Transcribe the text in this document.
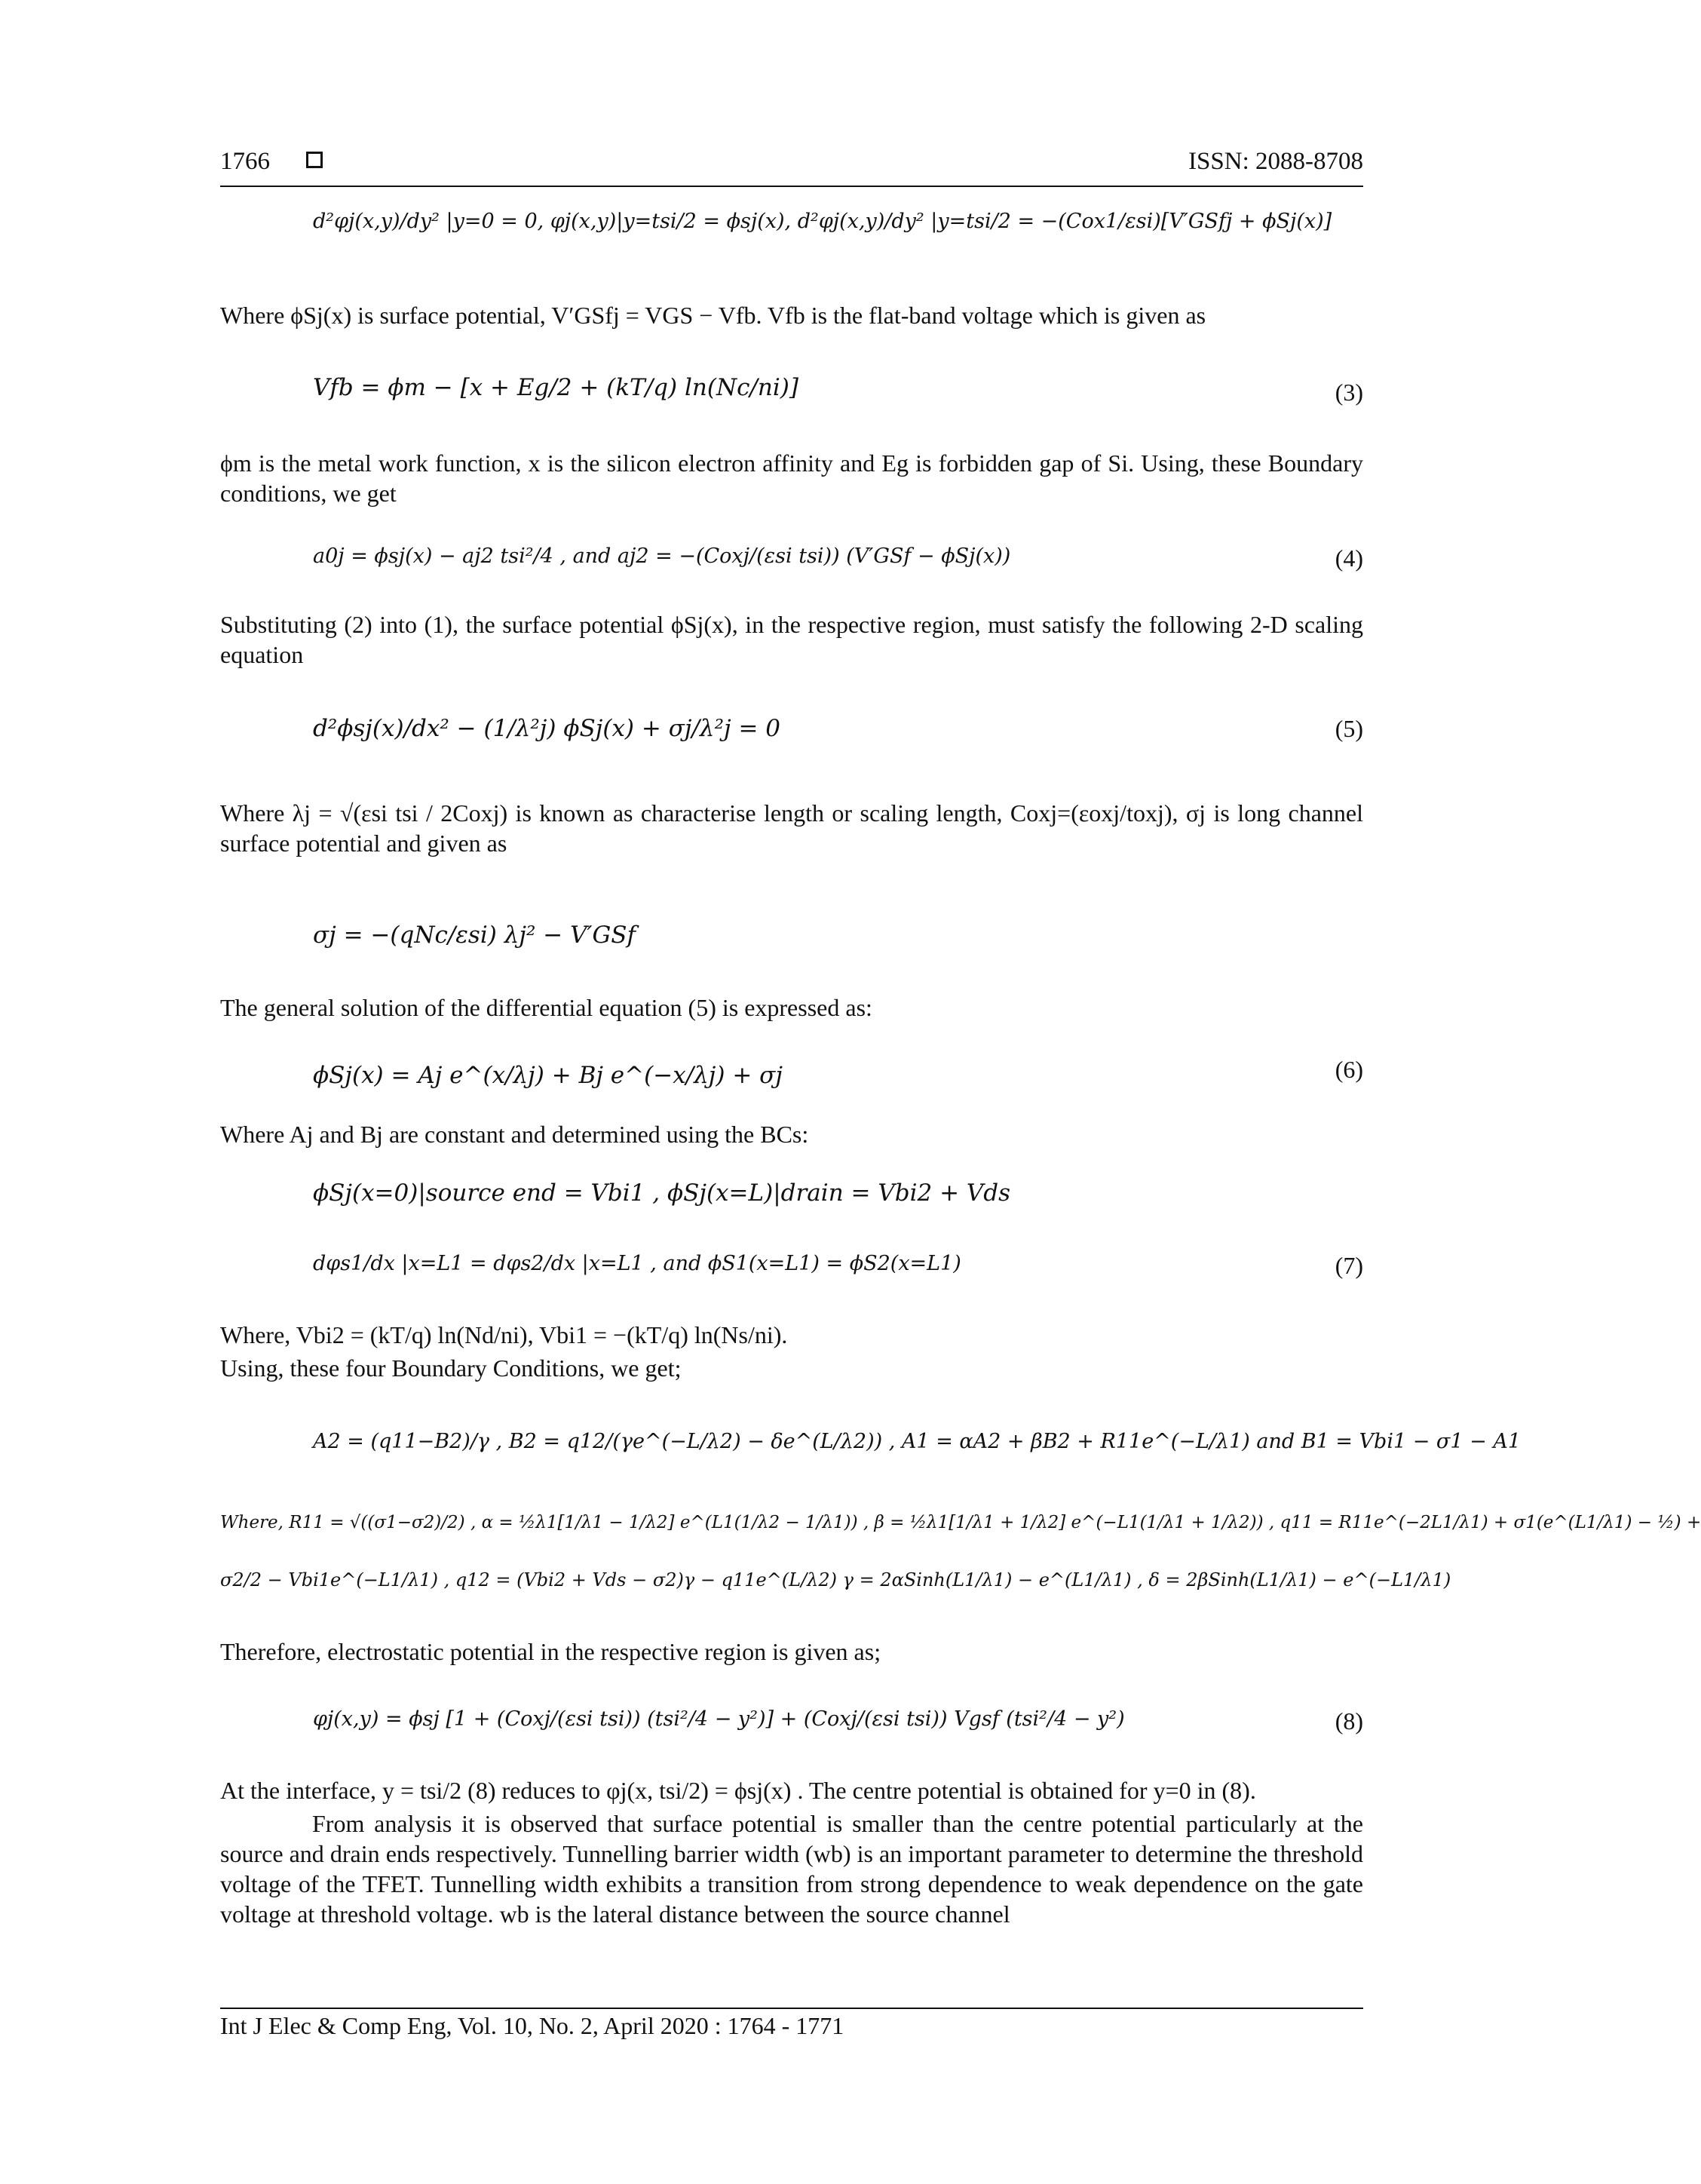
1766	ISSN: 2088-8708
d²φj(x,y)/dy² |y=0 = 0, φj(x,y)|y=tsi/2 = ϕsj(x), d²φj(x,y)/dy² |y=tsi/2 = −(Cox1/εsi)[V′GSfj + ϕSj(x)]
Where ϕSj(x) is surface potential, V′GSfj = VGS − Vfb. Vfb is the flat-band voltage which is given as
Vfb = ϕm − [x + Eg/2 + (kT/q) ln(Nc/ni)]	(3)
ϕm is the metal work function, x is the silicon electron affinity and Eg is forbidden gap of Si. Using, these Boundary conditions, we get
a0j = ϕsj(x) − aj2 tsi²/4 , and aj2 = −(Coxj/(εsi tsi)) (V′GSf − ϕSj(x))	(4)
Substituting (2) into (1), the surface potential ϕSj(x), in the respective region, must satisfy the following 2-D scaling equation
d²ϕsj(x)/dx² − (1/λ²j) ϕSj(x) + σj/λ²j = 0	(5)
Where λj = √(εsi tsi / 2Coxj) is known as characterise length or scaling length, Coxj=(εoxj/toxj), σj is long channel surface potential and given as
σj = −(qNc/εsi) λj² − V′GSf
The general solution of the differential equation (5) is expressed as:
ϕSj(x) = Aj e^(x/λj) + Bj e^(−x/λj) + σj	(6)
Where Aj and Bj are constant and determined using the BCs:
ϕSj(x=0)|source end = Vbi1 , ϕSj(x=L)|drain = Vbi2 + Vds
dφs1/dx |x=L1 = dφs2/dx |x=L1 , and ϕS1(x=L1) = ϕS2(x=L1)	(7)
Where, Vbi2 = (kT/q) ln(Nd/ni), Vbi1 = −(kT/q) ln(Ns/ni).
Using, these four Boundary Conditions, we get;
A2 = (q11−B2)/γ , B2 = q12/(γe^(−L/λ2) − δe^(L/λ2)) , A1 = αA2 + βB2 + R11e^(−L/λ1) and B1 = Vbi1 − σ1 − A1
Where, R11 = √((σ1−σ2)/2) , α = ½λ1[1/λ1 − 1/λ2] e^(L1(1/λ2 − 1/λ1)) , β = ½λ1[1/λ1 + 1/λ2] e^(−L1(1/λ1 + 1/λ2)) , q11 = R11e^(−2L1/λ1) + σ1(e^(L1/λ1) − ½) +
σ2/2 − Vbi1e^(−L1/λ1) , q12 = (Vbi2 + Vds − σ2)γ − q11e^(L/λ2) γ = 2αSinh(L1/λ1) − e^(L1/λ1) , δ = 2βSinh(L1/λ1) − e^(−L1/λ1)
Therefore, electrostatic potential in the respective region is given as;
φj(x,y) = ϕsj [1 + (Coxj/(εsi tsi)) (tsi²/4 − y²)] + (Coxj/(εsi tsi)) Vgsf (tsi²/4 − y²)	(8)
At the interface, y = tsi/2 (8) reduces to φj(x, tsi/2) = ϕsj(x) . The centre potential is obtained for y=0 in (8).
From analysis it is observed that surface potential is smaller than the centre potential particularly at the source and drain ends respectively. Tunnelling barrier width (wb) is an important parameter to determine the threshold voltage of the TFET. Tunnelling width exhibits a transition from strong dependence to weak dependence on the gate voltage at threshold voltage. wb is the lateral distance between the source channel
Int J Elec & Comp Eng, Vol. 10, No. 2, April 2020 : 1764 - 1771
